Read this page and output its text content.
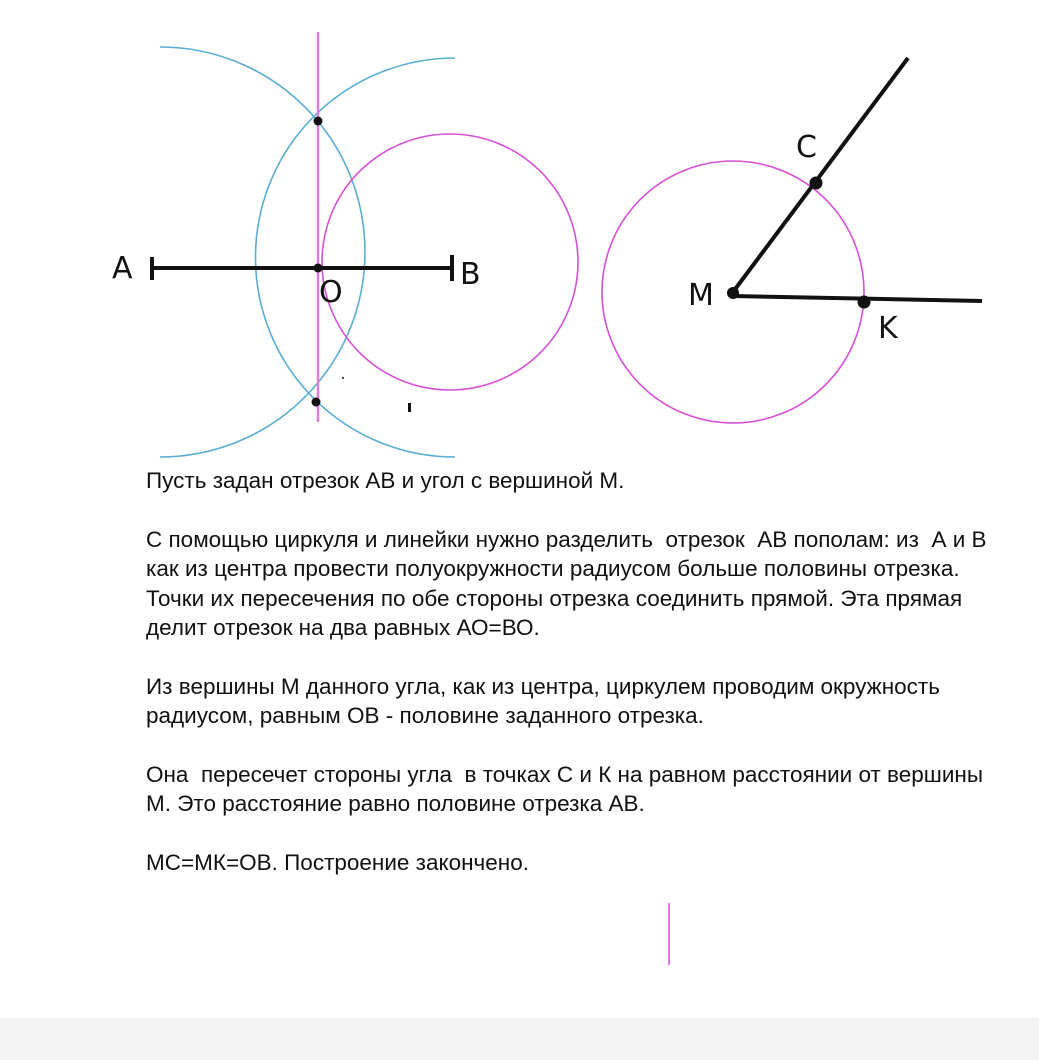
A	B
O	M
C
K

Пусть задан отрезок АВ и угол с вершиной М.

С помощью циркуля и линейки нужно разделить  отрезок  АВ пополам: из  А и В как из центра провести полуокружности радиусом больше половины отрезка. Точки их пересечения по обе стороны отрезка соединить прямой. Эта прямая делит отрезок на два равных АО=ВО.

Из вершины М данного угла, как из центра, циркулем проводим окружность радиусом, равным ОВ - половине заданного отрезка.

Она  пересечет стороны угла  в точках С и К на равном расстоянии от вершины М. Это расстояние равно половине отрезка АВ.

МС=МК=ОВ. Построение закончено.
